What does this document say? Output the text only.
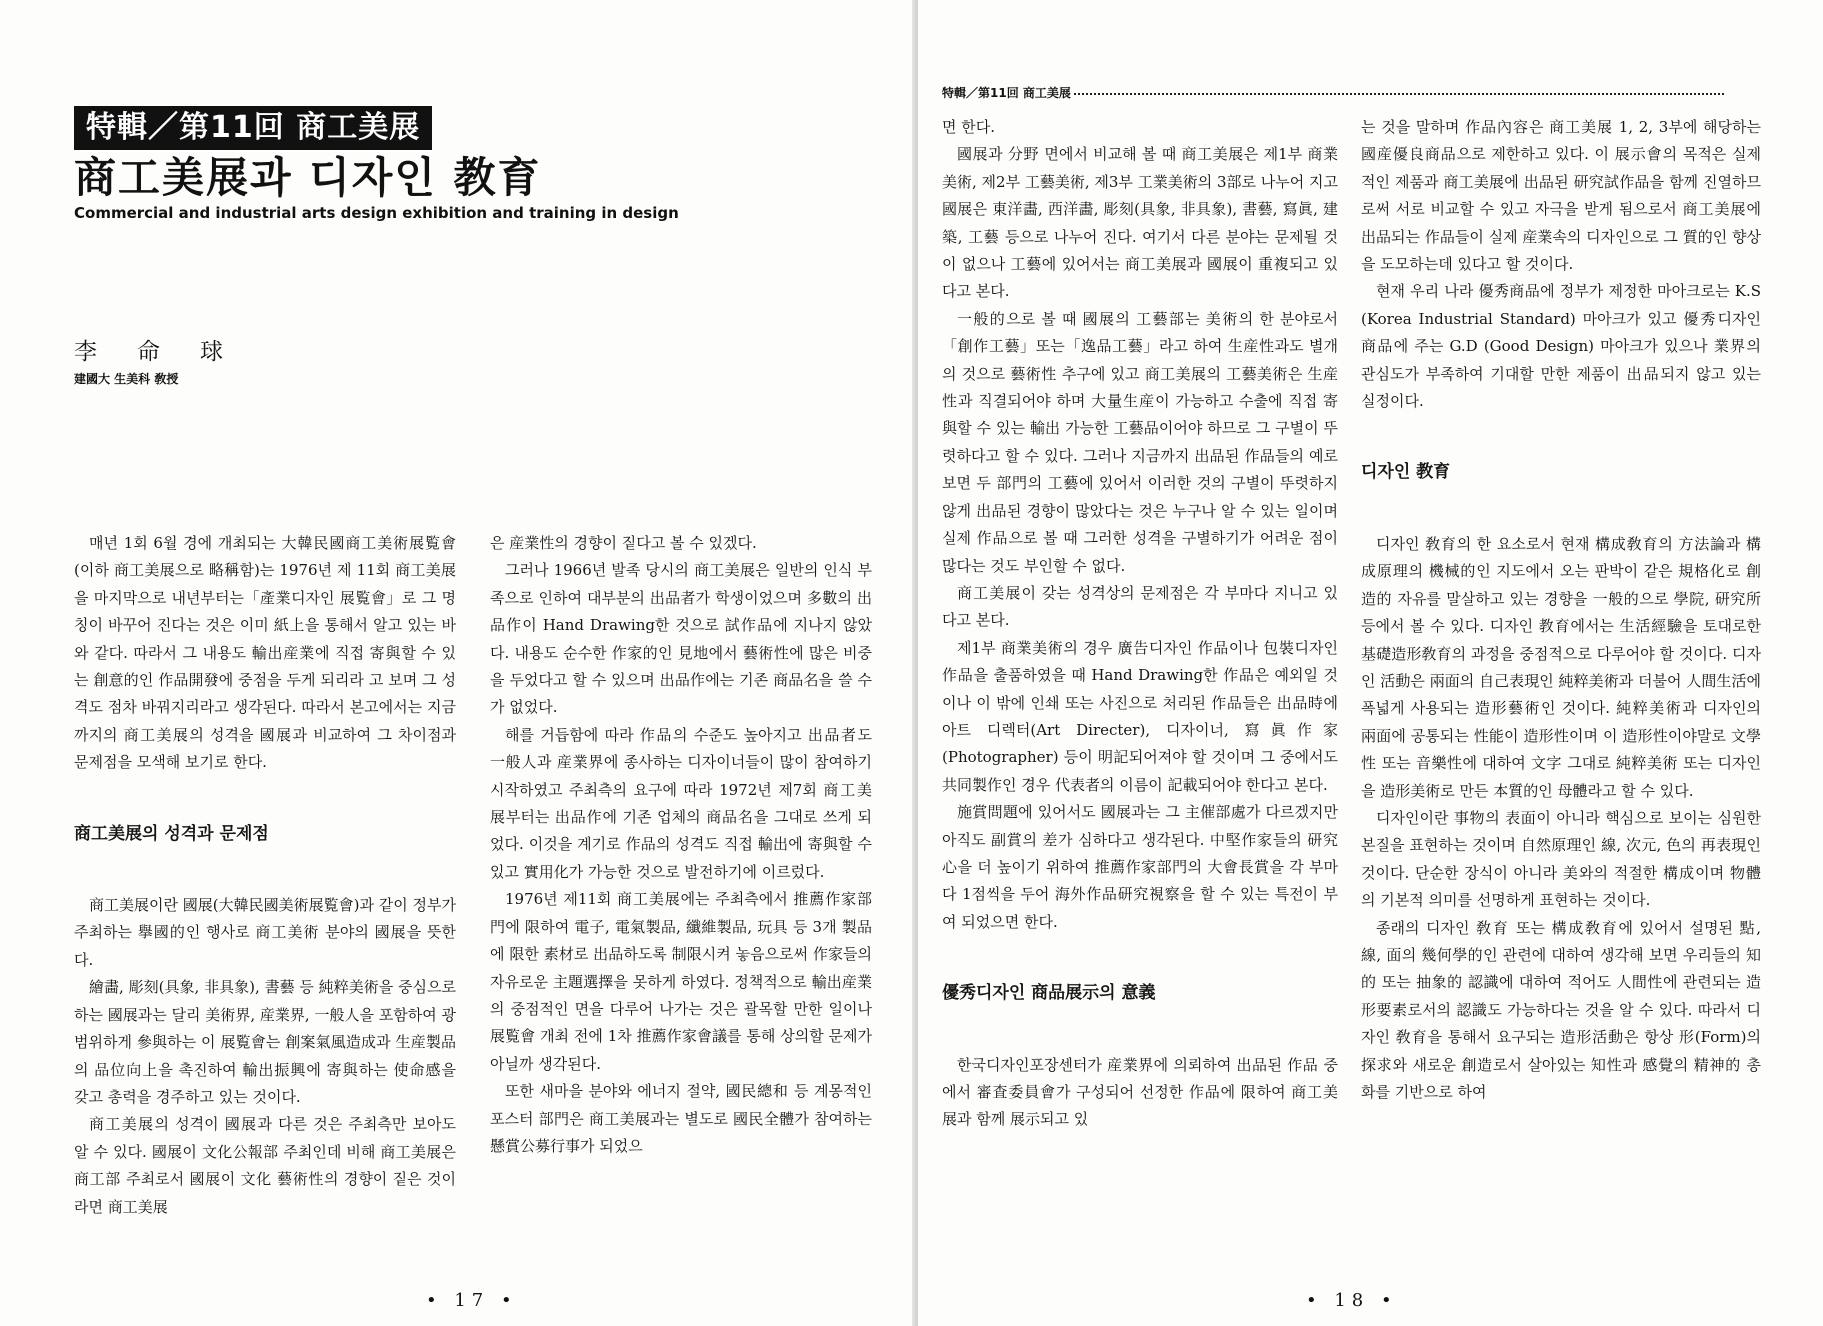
特輯／第11回 商工美展
商工美展과 디자인 教育
Commercial and industrial arts design exhibition and training in design
李命球
建國大 生美科 敎授

매년 1회 6월 경에 개최되는 大韓民國商工美術展覧會(이하 商工美展으로 略稱함)는 1976년 제 11회 商工美展을 마지막으로 내년부터는「產業디자인 展覧會」로 그 명칭이 바꾸어 진다는 것은 이미 紙上을 통해서 알고 있는 바와 같다. 따라서 그 내용도 輸出産業에 직접 寄與할 수 있는 創意的인 作品開發에 중점을 두게 되리라 고 보며 그 성격도 점차 바꿔지리라고 생각된다. 따라서 본고에서는 지금까지의 商工美展의 성격을 國展과 비교하여 그 차이점과 문제점을 모색해 보기로 한다.

商工美展의 성격과 문제점

商工美展이란 國展(大韓民國美術展覧會)과 같이 정부가 주최하는 擧國的인 행사로 商工美術 분야의 國展을 뜻한다.

繪畵, 彫刻(具象, 非具象), 書藝 등 純粹美術을 중심으로 하는 國展과는 달리 美術界, 産業界, 一般人을 포함하여 광범위하게 參與하는 이 展覧會는 創案氣風造成과 生産製品의 品位向上을 촉진하여 輸出振興에 寄與하는 使命感을 갖고 총력을 경주하고 있는 것이다.

商工美展의 성격이 國展과 다른 것은 주최측만 보아도 알 수 있다. 國展이 文化公報部 주최인데 비해 商工美展은 商工部 주최로서 國展이 文化 藝術性의 경향이 짙은 것이라면 商工美展

은 産業性의 경향이 짙다고 볼 수 있겠다.

그러나 1966년 발족 당시의 商工美展은 일반의 인식 부족으로 인하여 대부분의 出品者가 학생이었으며 多數의 出品作이 Hand Drawing한 것으로 試作品에 지나지 않았다. 내용도 순수한 作家的인 見地에서 藝術性에 많은 비중을 두었다고 할 수 있으며 出品作에는 기존 商品名을 쓸 수가 없었다.

해를 거듭함에 따라 作品의 수준도 높아지고 出品者도 一般人과 産業界에 종사하는 디자이너들이 많이 참여하기 시작하였고 주최측의 요구에 따라 1972년 제7회 商工美展부터는 出品作에 기존 업체의 商品名을 그대로 쓰게 되었다. 이것을 계기로 作品의 성격도 직접 輸出에 寄與할 수 있고 實用化가 가능한 것으로 발전하기에 이르렀다.

1976년 제11회 商工美展에는 주최측에서 推薦作家部門에 限하여 電子, 電氣製品, 纖維製品, 玩具 등 3개 製品에 限한 素材로 出品하도록 制限시켜 놓음으로써 作家들의 자유로운 主題選擇을 못하게 하였다. 정책적으로 輸出産業의 중점적인 면을 다루어 나가는 것은 괄목할 만한 일이나 展覧會 개최 전에 1차 推薦作家會議를 통해 상의할 문제가 아닐까 생각된다.

또한 새마을 분야와 에너지 절약, 國民總和 등 계몽적인 포스터 部門은 商工美展과는 별도로 國民全體가 참여하는 懸賞公募行事가 되었으

• 17 •
特輯／第11回 商工美展

면 한다.

國展과 分野 면에서 비교해 볼 때 商工美展은 제1부 商業美術, 제2부 工藝美術, 제3부 工業美術의 3部로 나누어 지고 國展은 東洋畵, 西洋畵, 彫刻(具象, 非具象), 書藝, 寫眞, 建築, 工藝 등으로 나누어 진다. 여기서 다른 분야는 문제될 것이 없으나 工藝에 있어서는 商工美展과 國展이 重複되고 있다고 본다.

一般的으로 볼 때 國展의 工藝部는 美術의 한 분야로서「創作工藝」또는「逸品工藝」라고 하여 生産性과도 별개의 것으로 藝術性 추구에 있고 商工美展의 工藝美術은 生産性과 직결되어야 하며 大量生産이 가능하고 수출에 직접 寄與할 수 있는 輸出 가능한 工藝品이어야 하므로 그 구별이 뚜렷하다고 할 수 있다. 그러나 지금까지 出品된 作品들의 예로 보면 두 部門의 工藝에 있어서 이러한 것의 구별이 뚜렷하지 않게 出品된 경향이 많았다는 것은 누구나 알 수 있는 일이며 실제 作品으로 볼 때 그러한 성격을 구별하기가 어려운 점이 많다는 것도 부인할 수 없다.

商工美展이 갖는 성격상의 문제점은 각 부마다 지니고 있다고 본다.

제1부 商業美術의 경우 廣告디자인 作品이나 包裝디자인 作品을 출품하였을 때 Hand Drawing한 作品은 예외일 것이나 이 밖에 인쇄 또는 사진으로 처리된 作品들은 出品時에 아트 디렉터(Art Directer), 디자이너, 寫眞作家(Photographer) 등이 明記되어져야 할 것이며 그 중에서도 共同製作인 경우 代表者의 이름이 記載되어야 한다고 본다.

施賞問題에 있어서도 國展과는 그 主催部處가 다르겠지만 아직도 副賞의 差가 심하다고 생각된다. 中堅作家들의 研究心을 더 높이기 위하여 推薦作家部門의 大會長賞을 각 부마다 1점씩을 두어 海外作品研究視察을 할 수 있는 특전이 부여 되었으면 한다.

優秀디자인 商品展示의 意義

한국디자인포장센터가 産業界에 의뢰하여 出品된 作品 중에서 審査委員會가 구성되어 선정한 作品에 限하여 商工美展과 함께 展示되고 있

는 것을 말하며 作品內容은 商工美展 1, 2, 3부에 해당하는 國産優良商品으로 제한하고 있다. 이 展示會의 목적은 실제적인 제품과 商工美展에 出品된 研究試作品을 함께 진열하므로써 서로 비교할 수 있고 자극을 받게 됨으로서 商工美展에 出品되는 作品들이 실제 産業속의 디자인으로 그 質的인 향상을 도모하는데 있다고 할 것이다.

현재 우리 나라 優秀商品에 정부가 제정한 마아크로는 K.S (Korea Industrial Standard) 마아크가 있고 優秀디자인 商品에 주는 G.D (Good Design) 마아크가 있으나 業界의 관심도가 부족하여 기대할 만한 제품이 出品되지 않고 있는 실정이다.

디자인 教育

디자인 敎育의 한 요소로서 현재 構成敎育의 方法論과 構成原理의 機械的인 지도에서 오는 판박이 같은 規格化로 創造的 자유를 말살하고 있는 경향을 一般的으로 學院, 研究所 등에서 볼 수 있다. 디자인 教育에서는 生活經驗을 토대로한 基礎造形敎育의 과정을 중점적으로 다루어야 할 것이다. 디자인 活動은 兩面의 自己表現인 純粹美術과 더불어 人間生活에 폭넓게 사용되는 造形藝術인 것이다. 純粹美術과 디자인의 兩面에 공통되는 性能이 造形性이며 이 造形性이야말로 文學性 또는 音樂性에 대하여 文字 그대로 純粹美術 또는 디자인을 造形美術로 만든 本質的인 母體라고 할 수 있다.

디자인이란 事物의 表面이 아니라 핵심으로 보이는 심원한 본질을 표현하는 것이며 自然原理인 線, 次元, 色의 再表現인 것이다. 단순한 장식이 아니라 美와의 적절한 構成이며 物體의 기본적 의미를 선명하게 표현하는 것이다.

종래의 디자인 敎育 또는 構成敎育에 있어서 설명된 點, 線, 面의 幾何學的인 관련에 대하여 생각해 보면 우리들의 知的 또는 抽象的 認識에 대하여 적어도 人間性에 관련되는 造形要素로서의 認識도 가능하다는 것을 알 수 있다. 따라서 디자인 敎育을 통해서 요구되는 造形活動은 항상 形(Form)의 探求와 새로운 創造로서 살아있는 知性과 感覺의 精神的 총화를 기반으로 하여

• 18 •
